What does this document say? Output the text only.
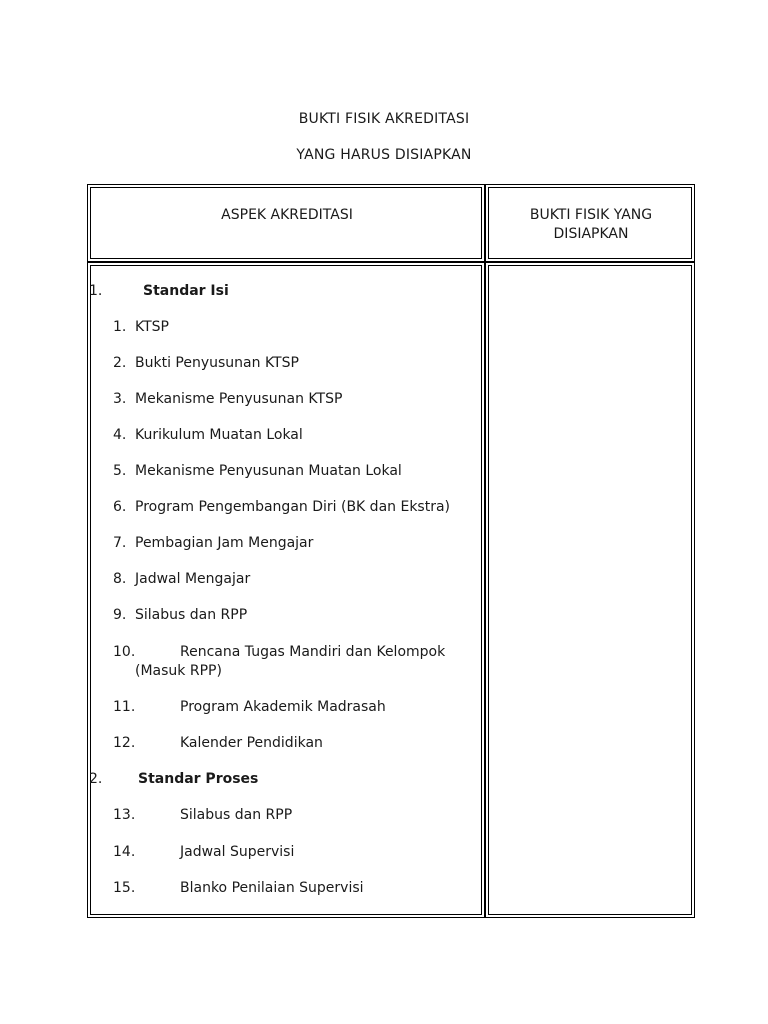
BUKTI FISIK AKREDITASI
YANG HARUS DISIAPKAN
ASPEK AKREDITASI	BUKTI FISIK YANG DISIAPKAN
1.	Standar Isi
1. KTSP
2. Bukti Penyusunan KTSP
3. Mekanisme Penyusunan KTSP
4. Kurikulum Muatan Lokal
5. Mekanisme Penyusunan Muatan Lokal
6. Program Pengembangan Diri (BK dan Ekstra)
7. Pembagian Jam Mengajar
8. Jadwal Mengajar
9. Silabus dan RPP
10.	Rencana Tugas Mandiri dan Kelompok
(Masuk RPP)
11.	Program Akademik Madrasah
12.	Kalender Pendidikan
2.	Standar Proses
13.	Silabus dan RPP
14.	Jadwal Supervisi
15.	Blanko Penilaian Supervisi
